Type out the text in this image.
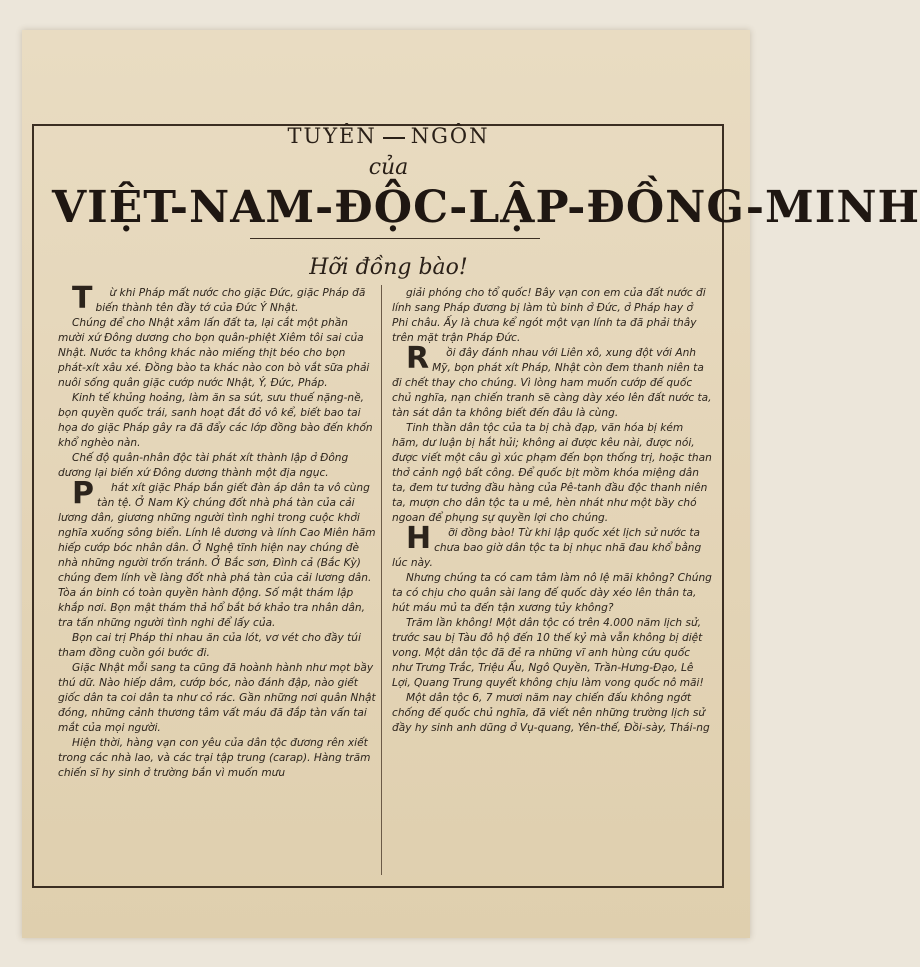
TUYÊN NGÔN
của
VIỆT-NAM-ĐỘC-LẬP-ĐỒNG-MINH
Hỡi đồng bào!

Từ khi Pháp mất nước cho giặc Đức, giặc Pháp đã biến thành tên đầy tớ của Đức Ý Nhật.

Chúng để cho Nhật xâm lấn đất ta, lại cắt một phần mười xứ Đông dương cho bọn quân-phiệt Xiêm tôi sai của Nhật. Nước ta không khác nào miếng thịt béo cho bọn phát-xít xâu xé. Đồng bào ta khác nào con bò vắt sữa phải nuôi sống quân giặc cướp nước Nhật, Ý, Đức, Pháp.

Kinh tế khủng hoảng, làm ăn sa sút, sưu thuế nặng-nề, bọn quyền quốc trái, sanh hoạt đắt đỏ vô kể, biết bao tai họa do giặc Pháp gây ra đã đẩy các lớp đồng bào đến khốn khổ nghèo nàn.

Chế độ quân-nhân độc tài phát xít thành lập ở Đông dương lại biến xứ Đông dương thành một địa ngục.

Phát xít giặc Pháp bắn giết đàn áp dân ta vô cùng tàn tệ. Ở Nam Kỳ chúng đốt nhà phá tàn của cải lương dân, giương những người tình nghi trong cuộc khởi nghĩa xuống sông biển. Lính lê dương và lính Cao Miên hãm hiếp cướp bóc nhân dân. Ở Nghệ tĩnh hiện nay chúng đè nhà những người trốn tránh. Ở Bắc sơn, Đình cả (Bắc Kỳ) chúng đem lính về làng đốt nhà phá tàn của cải lương dân. Tòa án binh có toàn quyền hành động. Số mật thám lập khắp nơi. Bọn mật thám thả hổ bắt bớ khảo tra nhân dân, tra tấn những người tình nghi để lấy của.

Bọn cai trị Pháp thi nhau ăn của lót, vơ vét cho đầy túi tham đồng cuồn gói bước đi.

Giặc Nhật mỗi sang ta cũng đã hoành hành như mọt bầy thú dữ. Nào hiếp dâm, cướp bóc, nào đánh đập, nào giết giốc dân ta coi dân ta như cỏ rác. Gần những nơi quân Nhật đóng, những cảnh thương tâm vất máu đã đắp tàn vấn tai mắt của mọi người.

Hiện thời, hàng vạn con yêu của dân tộc đương rên xiết trong các nhà lao, và các trại tập trung (carap). Hàng trăm chiến sĩ hy sinh ở trường bắn vì muốn mưu

giải phóng cho tổ quốc! Bây vạn con em của đất nước đi lính sang Pháp đương bị làm tù binh ở Đức, ở Pháp hay ở Phi châu. Ấy là chưa kể ngót một vạn lính ta đã phải thây trên mặt trận Pháp Đức.

Rồi đây đánh nhau với Liên xô, xung đột với Anh Mỹ, bọn phát xít Pháp, Nhật còn đem thanh niên ta đi chết thay cho chúng. Vì lòng ham muốn cướp đế quốc chủ nghĩa, nạn chiến tranh sẽ càng dày xéo lên đất nước ta, tàn sát dân ta không biết đến đâu là cùng.

Tinh thần dân tộc của ta bị chà đạp, văn hóa bị kém hãm, dư luận bị hắt hủi; không ai được kêu nài, được nói, được viết một câu gì xúc phạm đến bọn thống trị, hoặc than thở cảnh ngộ bất công. Để quốc bịt mồm khóa miệng dân ta, đem tư tưởng đầu hàng của Pê-tanh đầu độc thanh niên ta, mượn cho dân tộc ta u mê, hèn nhát như một bầy chó ngoan để phụng sự quyền lợi cho chúng.

Hỡi đồng bào! Từ khi lập quốc xét lịch sử nước ta chưa bao giờ dân tộc ta bị nhục nhã đau khổ bằng lúc này.

Nhưng chúng ta có cam tâm làm nô lệ mãi không? Chúng ta có chịu cho quân sài lang đế quốc dày xéo lên thân ta, hút máu mủ ta đến tận xương tủy không?

Trăm lần không! Một dân tộc có trên 4.000 năm lịch sử, trước sau bị Tàu đô hộ đến 10 thế kỷ mà vẫn không bị diệt vong. Một dân tộc đã đẻ ra những vĩ anh hùng cứu quốc như Trưng Trắc, Triệu Ẩu, Ngô Quyền, Trần-Hưng-Đạo, Lê Lợi, Quang Trung quyết không chịu làm vong quốc nô mãi!

Một dân tộc 6, 7 mươi năm nay chiến đấu không ngớt chống đế quốc chủ nghĩa, đã viết nên những trường lịch sử đầy hy sinh anh dũng ở Vụ-quang, Yên-thế, Đồi-sày, Thái-ng
